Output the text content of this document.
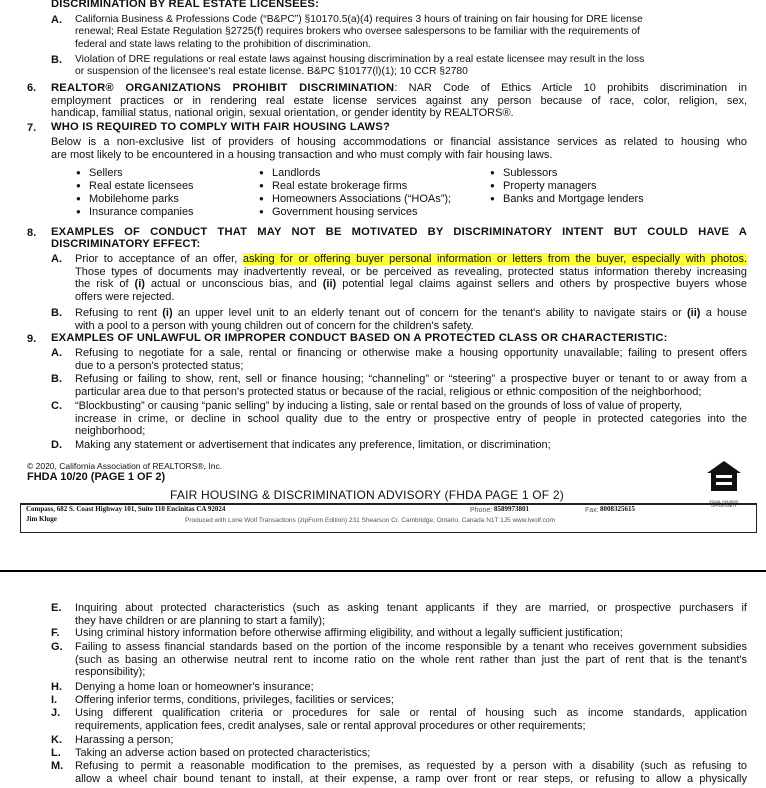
DISCRIMINATION BY REAL ESTATE LICENSEES:
A. California Business & Professions Code (“B&PC”) §10170.5(a)(4) requires 3 hours of training on fair housing for DRE license
renewal; Real Estate Regulation §2725(f) requires brokers who oversee salespersons to be familiar with the requirements of
federal and state laws relating to the prohibition of discrimination.
B. Violation of DRE regulations or real estate laws against housing discrimination by a real estate licensee may result in the loss
or suspension of the licensee's real estate license. B&PC §10177(l)(1); 10 CCR §2780
6. REALTOR® ORGANIZATIONS PROHIBIT DISCRIMINATION: NAR Code of Ethics Article 10 prohibits discrimination in
employment practices or in rendering real estate license services against any person because of race, color, religion, sex,
handicap, familial status, national origin, sexual orientation, or gender identity by REALTORS®.
7. WHO IS REQUIRED TO COMPLY WITH FAIR HOUSING LAWS?
Below is a non-exclusive list of providers of housing accommodations or financial assistance services as related to housing who
are most likely to be encountered in a housing transaction and who must comply with fair housing laws.
● Sellers
● Real estate licensees
● Mobilehome parks
● Insurance companies
● Landlords
● Real estate brokerage firms
● Homeowners Associations (“HOAs”);
● Government housing services
● Sublessors
● Property managers
● Banks and Mortgage lenders
8. EXAMPLES OF CONDUCT THAT MAY NOT BE MOTIVATED BY DISCRIMINATORY INTENT BUT COULD HAVE A
DISCRIMINATORY EFFECT:
A. Prior to acceptance of an offer, asking for or offering buyer personal information or letters from the buyer, especially with photos.
Those types of documents may inadvertently reveal, or be perceived as revealing, protected status information thereby increasing
the risk of (i) actual or unconscious bias, and (ii) potential legal claims against sellers and others by prospective buyers whose
offers were rejected.
B. Refusing to rent (i) an upper level unit to an elderly tenant out of concern for the tenant's ability to navigate stairs or (ii) a house
with a pool to a person with young children out of concern for the children's safety.
9. EXAMPLES OF UNLAWFUL OR IMPROPER CONDUCT BASED ON A PROTECTED CLASS OR CHARACTERISTIC:
A. Refusing to negotiate for a sale, rental or financing or otherwise make a housing opportunity unavailable; failing to present offers
due to a person's protected status;
B. Refusing or failing to show, rent, sell or finance housing; “channeling” or “steering” a prospective buyer or tenant to or away from a
particular area due to that person's protected status or because of the racial, religious or ethnic composition of the neighborhood;
C. “Blockbusting” or causing “panic selling” by inducing a listing, sale or rental based on the grounds of loss of value of property,
increase in crime, or decline in school quality due to the entry or prospective entry of people in protected categories into the
neighborhood;
D. Making any statement or advertisement that indicates any preference, limitation, or discrimination;
© 2020, California Association of REALTORS®, Inc.
FHDA 10/20 (PAGE 1 OF 2)
EQUAL HOUSING OPPORTUNITY
FAIR HOUSING & DISCRIMINATION ADVISORY (FHDA PAGE 1 OF 2)
Compass, 682 S. Coast Highway 101, Suite 110 Encinitas CA 92024	Phone: 8589973801	Fax: 8008325615
Jim Kluge	Produced with Lone Wolf Transactions (zipForm Edition) 231 Shearson Cr. Cambridge, Ontario, Canada N1T 1J5 www.lwolf.com
E. Inquiring about protected characteristics (such as asking tenant applicants if they are married, or prospective purchasers if
they have children or are planning to start a family);
F. Using criminal history information before otherwise affirming eligibility, and without a legally sufficient justification;
G. Failing to assess financial standards based on the portion of the income responsible by a tenant who receives government subsidies
(such as basing an otherwise neutral rent to income ratio on the whole rent rather than just the part of rent that is the tenant's
responsibility);
H. Denying a home loan or homeowner's insurance;
I. Offering inferior terms, conditions, privileges, facilities or services;
J. Using different qualification criteria or procedures for sale or rental of housing such as income standards, application
requirements, application fees, credit analyses, sale or rental approval procedures or other requirements;
K. Harassing a person;
L. Taking an adverse action based on protected characteristics;
M. Refusing to permit a reasonable modification to the premises, as requested by a person with a disability (such as refusing to
allow a wheel chair bound tenant to install, at their expense, a ramp over front or rear steps, or refusing to allow a physically
